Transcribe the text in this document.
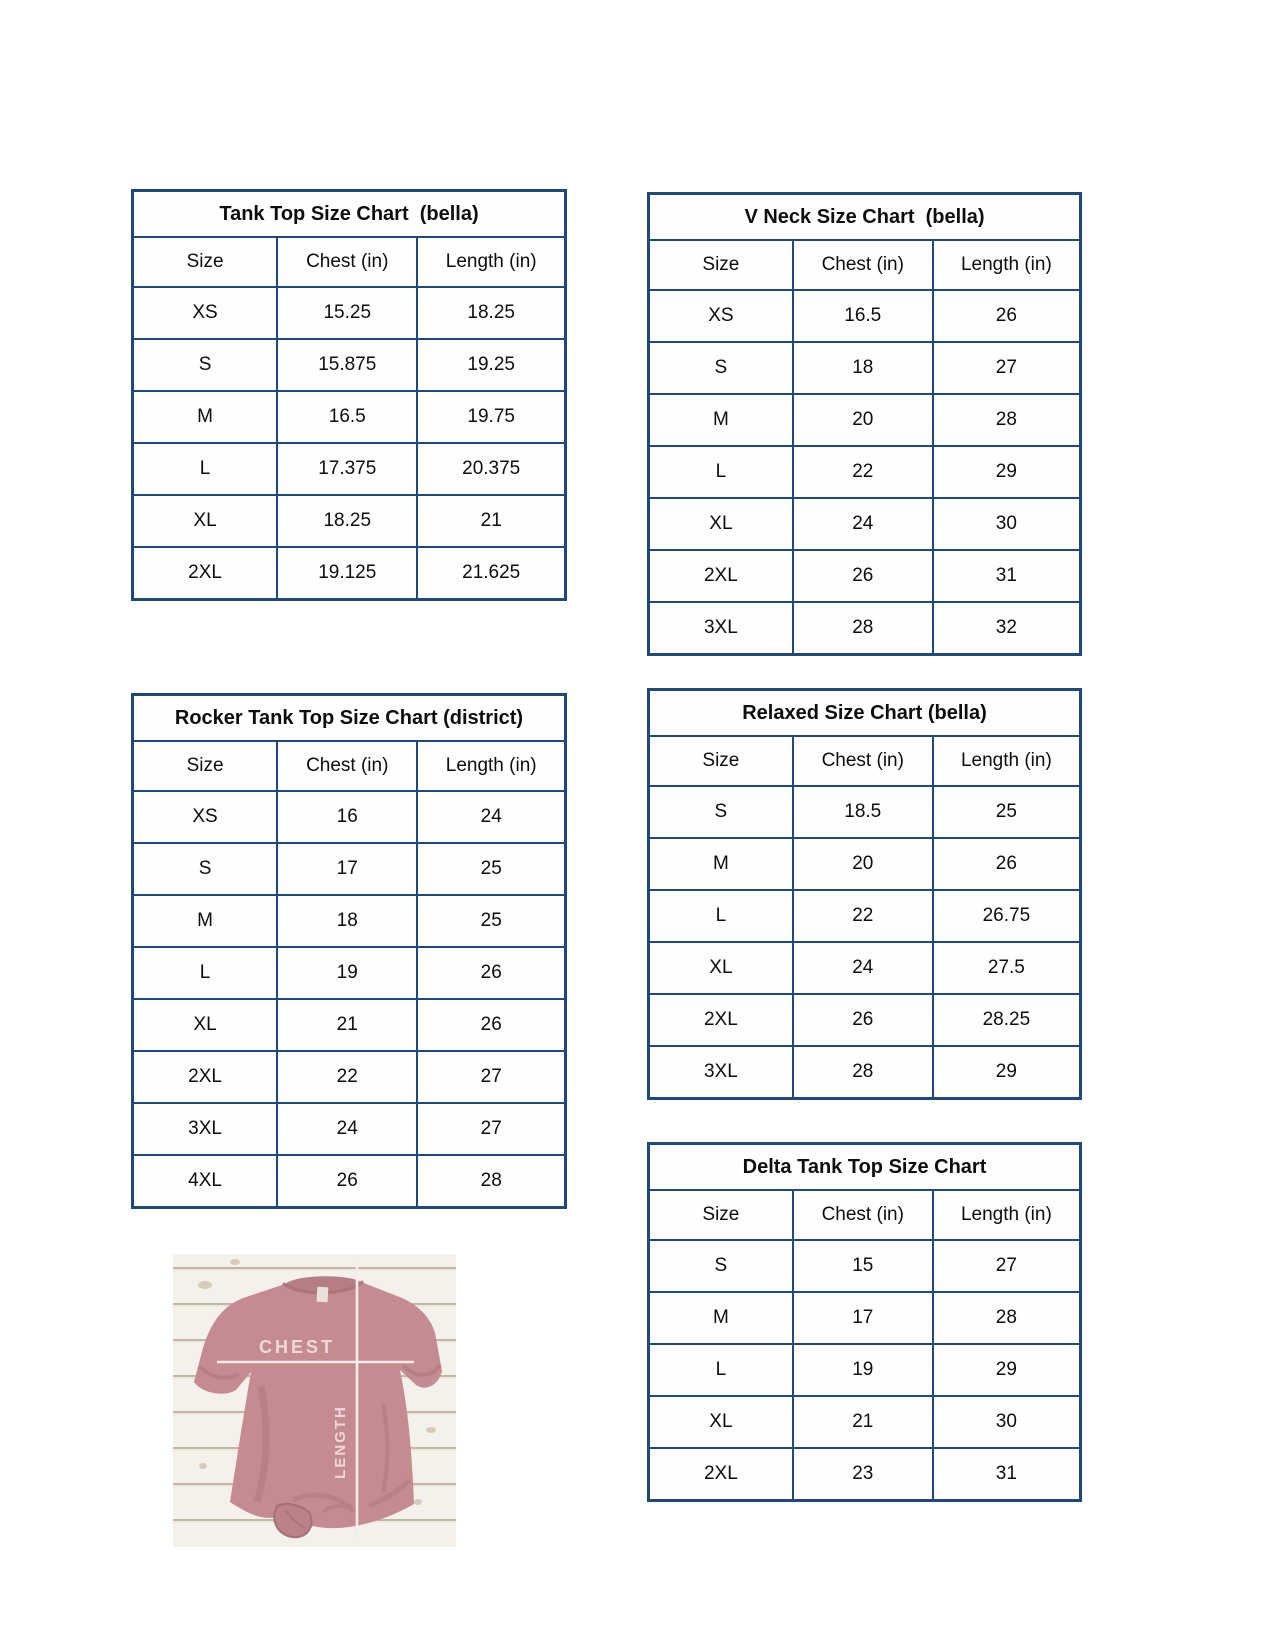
Tank Top Size Chart  (bella)		
Size	Chest (in)	Length (in)
XS	15.25	18.25
S	15.875	19.25
M	16.5	19.75
L	17.375	20.375
XL	18.25	21
2XL	19.125	21.625
Rocker Tank Top Size Chart (district)		
Size	Chest (in)	Length (in)
XS	16	24
S	17	25
M	18	25
L	19	26
XL	21	26
2XL	22	27
3XL	24	27
4XL	26	28
V Neck Size Chart  (bella)		
Size	Chest (in)	Length (in)
XS	16.5	26
S	18	27
M	20	28
L	22	29
XL	24	30
2XL	26	31
3XL	28	32
Relaxed Size Chart (bella)		
Size	Chest (in)	Length (in)
S	18.5	25
M	20	26
L	22	26.75
XL	24	27.5
2XL	26	28.25
3XL	28	29
Delta Tank Top Size Chart		
Size	Chest (in)	Length (in)
S	15	27
M	17	28
L	19	29
XL	21	30
2XL	23	31
CHEST
LENGTH
